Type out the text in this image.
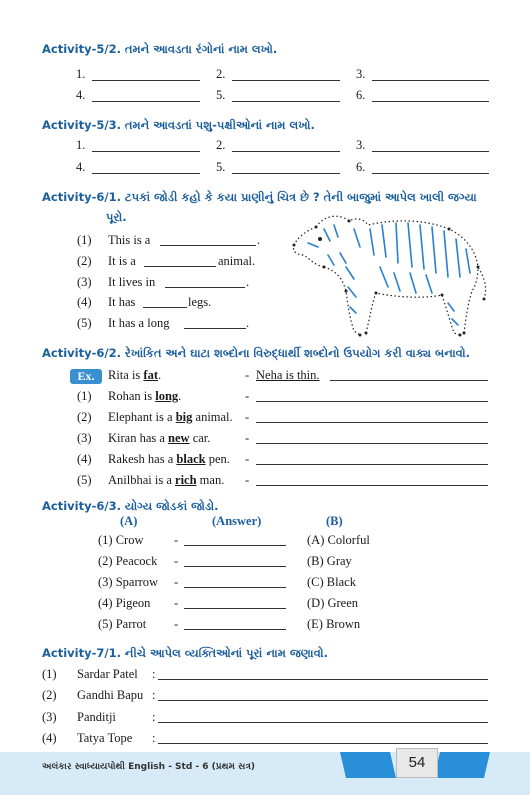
Activity-5/2. તમને આવડતા રંગોનાં નામ લખો.
1.	2.	3.
4.	5.	6.
Activity-5/3. તમને આવડતાં પશુ-પક્ષીઓનાં નામ લખો.
1.	2.	3.
4.	5.	6.
Activity-6/1. ટપકાં જોડી કહો કે કયા પ્રાણીનું ચિત્ર છે ? તેની બાજુમાં આપેલ ખાલી જગ્યા
પૂરો.
(1) This is a	.
(2) It is a	animal.
(3) It lives in	.
(4) It has	legs.
(5) It has a long	.
Activity-6/2. રેખાંકિત અને ઘાટા શબ્દોના વિરુદ્ધાર્થી શબ્દોનો ઉપયોગ કરી વાક્ય બનાવો.
Ex.	Rita is fat.	- Neha is thin.
(1) Rohan is long.	-
(2) Elephant is a big animal. -
(3) Kiran has a new car.	-
(4) Rakesh has a black pen. -
(5) Anilbhai is a rich man. -
Activity-6/3. યોગ્ય જોડકાં જોડો.
(A)	(Answer)	(B)
(1) Crow -	(A) Colorful
(2) Peacock -	(B) Gray
(3) Sparrow -	(C) Black
(4) Pigeon -	(D) Green
(5) Parrot -	(E) Brown
Activity-7/1. નીચે આપેલ વ્યક્તિઓનાં પૂરાં નામ જણાવો.
(1) Sardar Patel :
(2) Gandhi Bapu :
(3) Panditji	:
(4) Tatya Tope :
અલંકાર સ્વાધ્યાયપોથી English - Std - 6 (પ્રથમ સત્ર)	54
